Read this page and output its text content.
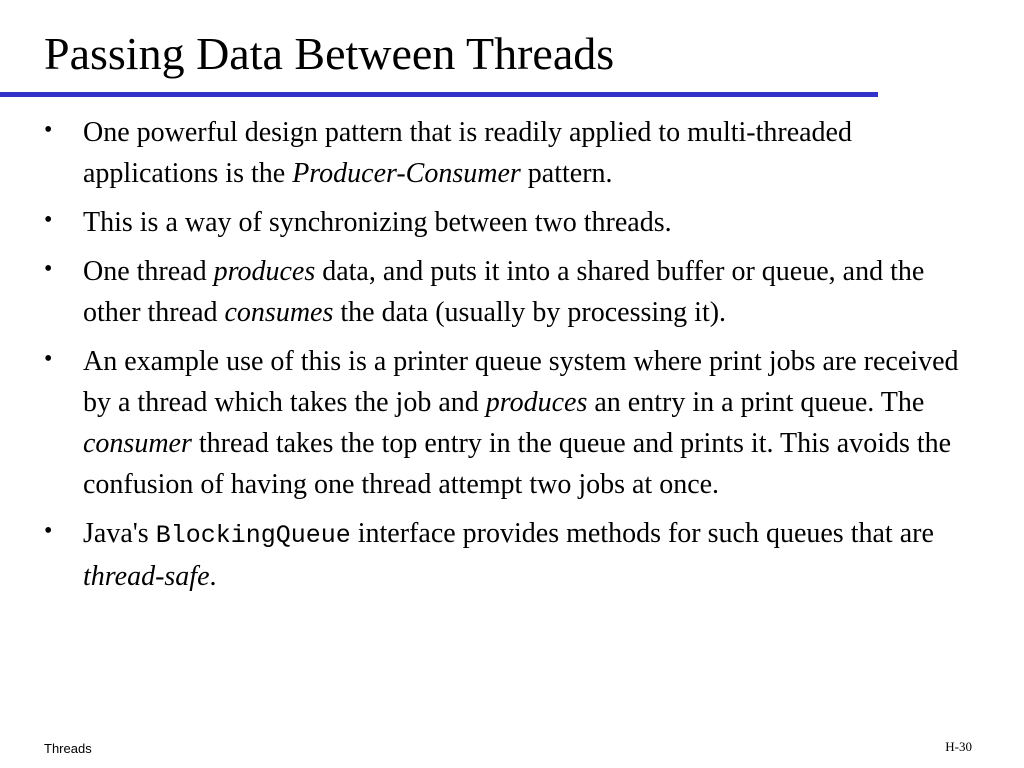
Passing Data Between Threads
• One powerful design pattern that is readily applied to multi-threaded applications is the Producer-Consumer pattern.
• This is a way of synchronizing between two threads.
• One thread produces data, and puts it into a shared buffer or queue, and the other thread consumes the data (usually by processing it).
• An example use of this is a printer queue system where print jobs are received by a thread which takes the job and produces an entry in a print queue. The consumer thread takes the top entry in the queue and prints it. This avoids the confusion of having one thread attempt two jobs at once.
• Java's BlockingQueue interface provides methods for such queues that are thread-safe.
Threads	H-30
